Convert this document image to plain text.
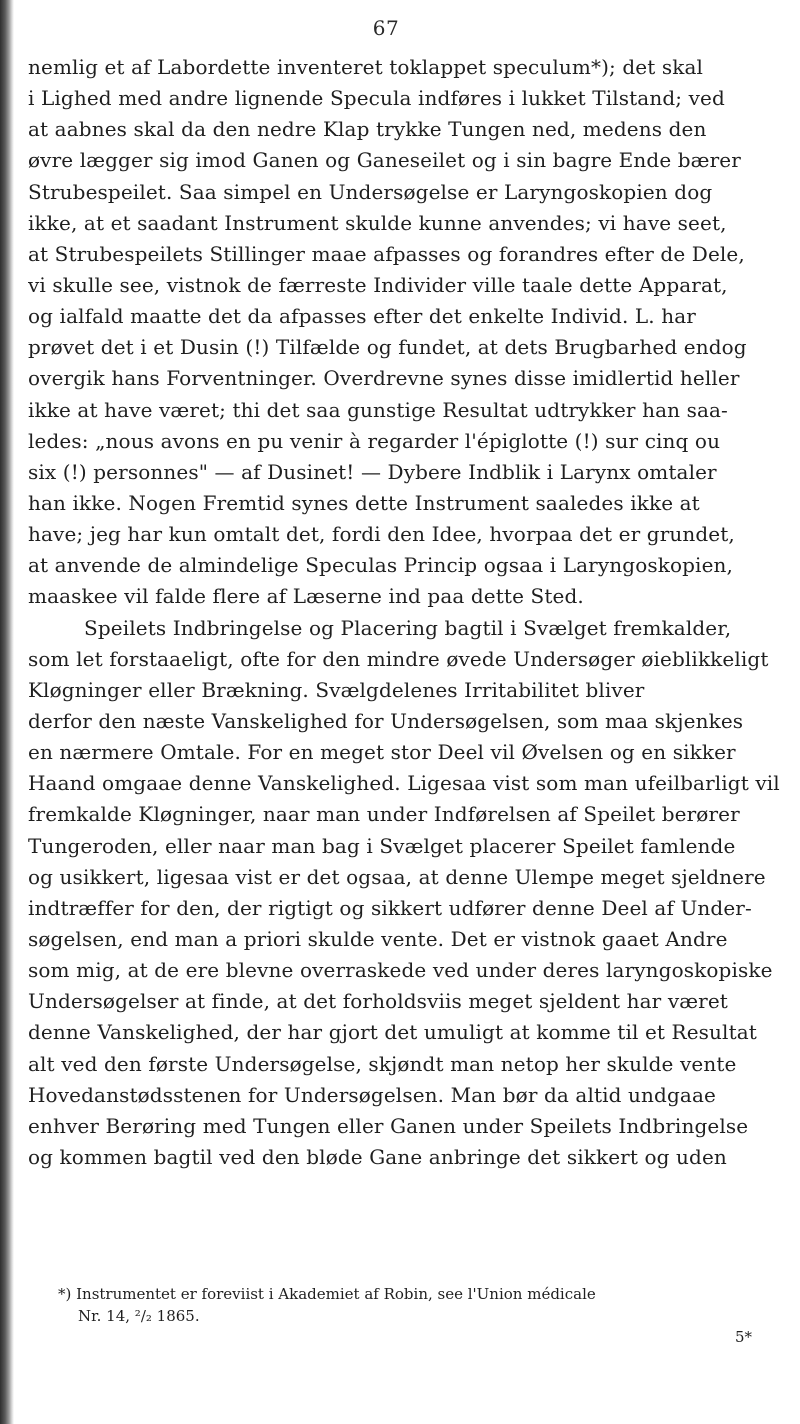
67
nemlig et af Labordette inventeret toklappet speculum*); det skal
i Lighed med andre lignende Specula indføres i lukket Tilstand; ved
at aabnes skal da den nedre Klap trykke Tungen ned, medens den
øvre lægger sig imod Ganen og Ganeseilet og i sin bagre Ende bærer
Strubespeilet. Saa simpel en Undersøgelse er Laryngoskopien dog
ikke, at et saadant Instrument skulde kunne anvendes; vi have seet,
at Strubespeilets Stillinger maae afpasses og forandres efter de Dele,
vi skulle see, vistnok de færreste Individer ville taale dette Apparat,
og ialfald maatte det da afpasses efter det enkelte Individ. L. har
prøvet det i et Dusin (!) Tilfælde og fundet, at dets Brugbarhed endog
overgik hans Forventninger. Overdrevne synes disse imidlertid heller
ikke at have været; thi det saa gunstige Resultat udtrykker han saa-
ledes: „nous avons en pu venir à regarder l'épiglotte (!) sur cinq ou
six (!) personnes" — af Dusinet! — Dybere Indblik i Larynx omtaler
han ikke. Nogen Fremtid synes dette Instrument saaledes ikke at
have; jeg har kun omtalt det, fordi den Idee, hvorpaa det er grundet,
at anvende de almindelige Speculas Princip ogsaa i Laryngoskopien,
maaskee vil falde flere af Læserne ind paa dette Sted.
Speilets Indbringelse og Placering bagtil i Svælget fremkalder,
som let forstaaeligt, ofte for den mindre øvede Undersøger øieblikkeligt
Kløgninger eller Brækning. Svælgdelenes Irritabilitet bliver
derfor den næste Vanskelighed for Undersøgelsen, som maa skjenkes
en nærmere Omtale. For en meget stor Deel vil Øvelsen og en sikker
Haand omgaae denne Vanskelighed. Ligesaa vist som man ufeilbarligt vil
fremkalde Kløgninger, naar man under Indførelsen af Speilet berører
Tungeroden, eller naar man bag i Svælget placerer Speilet famlende
og usikkert, ligesaa vist er det ogsaa, at denne Ulempe meget sjeldnere
indtræffer for den, der rigtigt og sikkert udfører denne Deel af Under-
søgelsen, end man a priori skulde vente. Det er vistnok gaaet Andre
som mig, at de ere blevne overraskede ved under deres laryngoskopiske
Undersøgelser at finde, at det forholdsviis meget sjeldent har været
denne Vanskelighed, der har gjort det umuligt at komme til et Resultat
alt ved den første Undersøgelse, skjøndt man netop her skulde vente
Hovedanstødsstenen for Undersøgelsen. Man bør da altid undgaae
enhver Berøring med Tungen eller Ganen under Speilets Indbringelse
og kommen bagtil ved den bløde Gane anbringe det sikkert og uden
*) Instrumentet er foreviist i Akademiet af Robin, see l'Union médicale
Nr. 14, ²/₂ 1865.
5*
